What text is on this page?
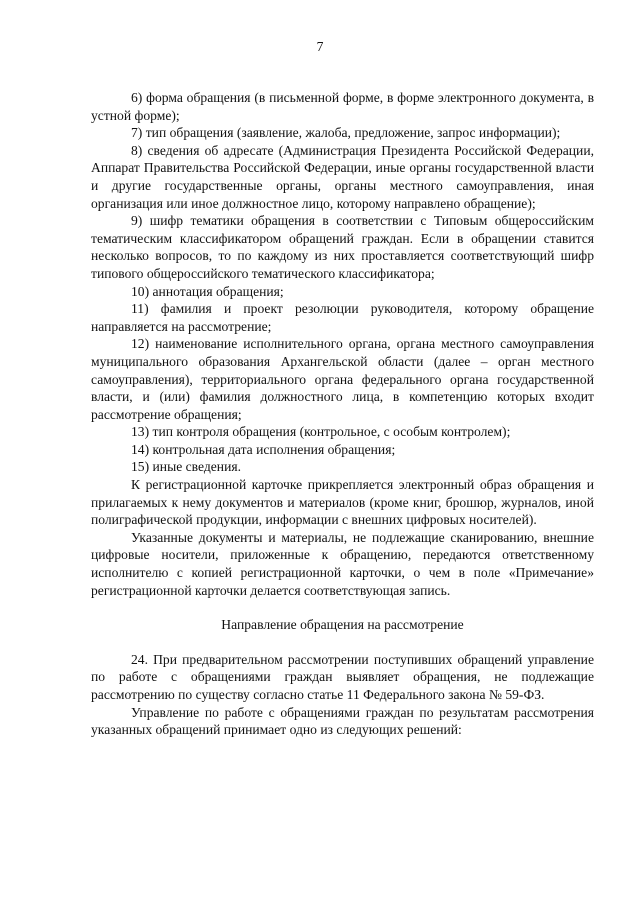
7

6) форма обращения (в письменной форме, в форме электронного документа, в устной форме);

7) тип обращения (заявление, жалоба, предложение, запрос информации);

8) сведения об адресате (Администрация Президента Российской Федерации, Аппарат Правительства Российской Федерации, иные органы государственной власти и другие государственные органы, органы местного самоуправления, иная организация или иное должностное лицо, которому направлено обращение);

9) шифр тематики обращения в соответствии с Типовым общероссийским тематическим классификатором обращений граждан. Если в обращении ставится несколько вопросов, то по каждому из них проставляется соответствующий шифр типового общероссийского тематического классификатора;

10) аннотация обращения;

11) фамилия и проект резолюции руководителя, которому обращение направляется на рассмотрение;

12) наименование исполнительного органа, органа местного самоуправления муниципального образования Архангельской области (далее – орган местного самоуправления), территориального органа федерального органа государственной власти, и (или) фамилия должностного лица, в компетенцию которых входит рассмотрение обращения;

13) тип контроля обращения (контрольное, с особым контролем);

14) контрольная дата исполнения обращения;

15) иные сведения.

К регистрационной карточке прикрепляется электронный образ обращения и прилагаемых к нему документов и материалов (кроме книг, брошюр, журналов, иной полиграфической продукции, информации с внешних цифровых носителей).

Указанные документы и материалы, не подлежащие сканированию, внешние цифровые носители, приложенные к обращению, передаются ответственному исполнителю с копией регистрационной карточки, о чем в поле «Примечание» регистрационной карточки делается соответствующая запись.

Направление обращения на рассмотрение

24. При предварительном рассмотрении поступивших обращений управление по работе с обращениями граждан выявляет обращения, не подлежащие рассмотрению по существу согласно статье 11 Федерального закона № 59-ФЗ.

Управление по работе с обращениями граждан по результатам рассмотрения указанных обращений принимает одно из следующих решений:
